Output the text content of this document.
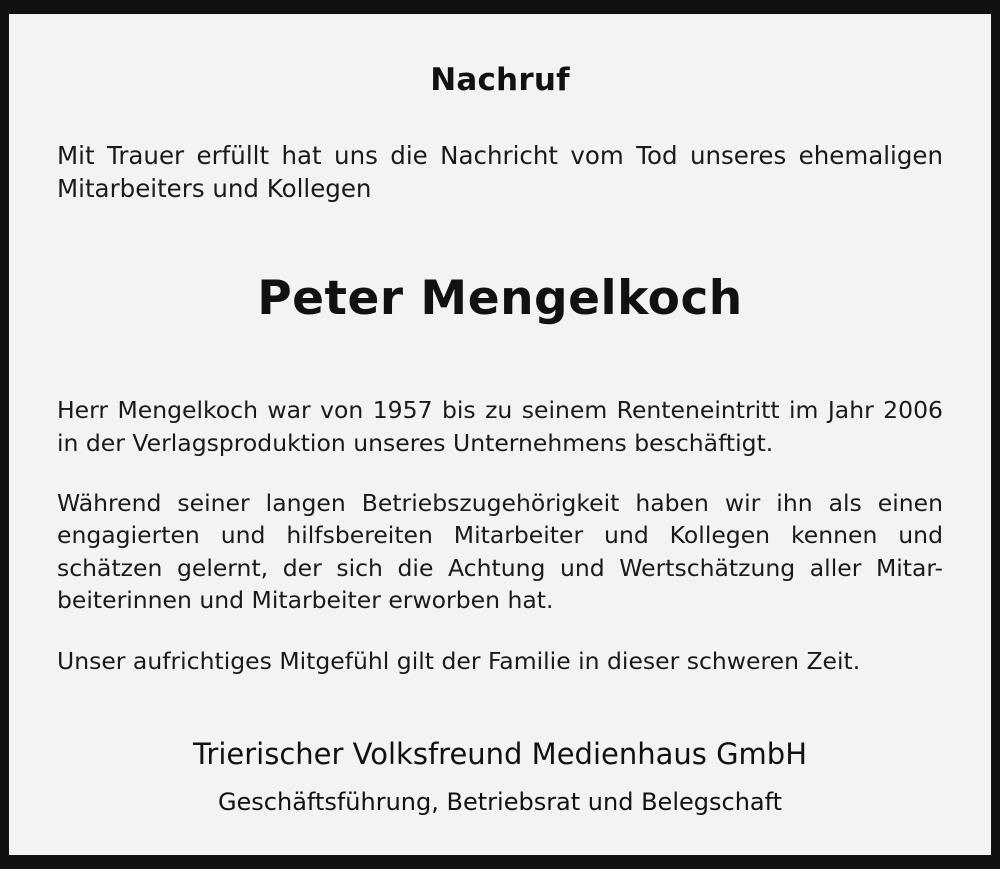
Nachruf
Mit Trauer erfüllt hat uns die Nachricht vom Tod unseres ehemaligen
Mitarbeiters und Kollegen
Peter Mengelkoch
Herr Mengelkoch war von 1957 bis zu seinem Renteneintritt im Jahr 2006
in der Verlagsproduktion unseres Unternehmens beschäftigt.
Während seiner langen Betriebszugehörigkeit haben wir ihn als einen
engagierten und hilfsbereiten Mitarbeiter und Kollegen kennen und
schätzen gelernt, der sich die Achtung und Wertschätzung aller Mitar-
beiterinnen und Mitarbeiter erworben hat.
Unser aufrichtiges Mitgefühl gilt der Familie in dieser schweren Zeit.
Trierischer Volksfreund Medienhaus GmbH
Geschäftsführung, Betriebsrat und Belegschaft
